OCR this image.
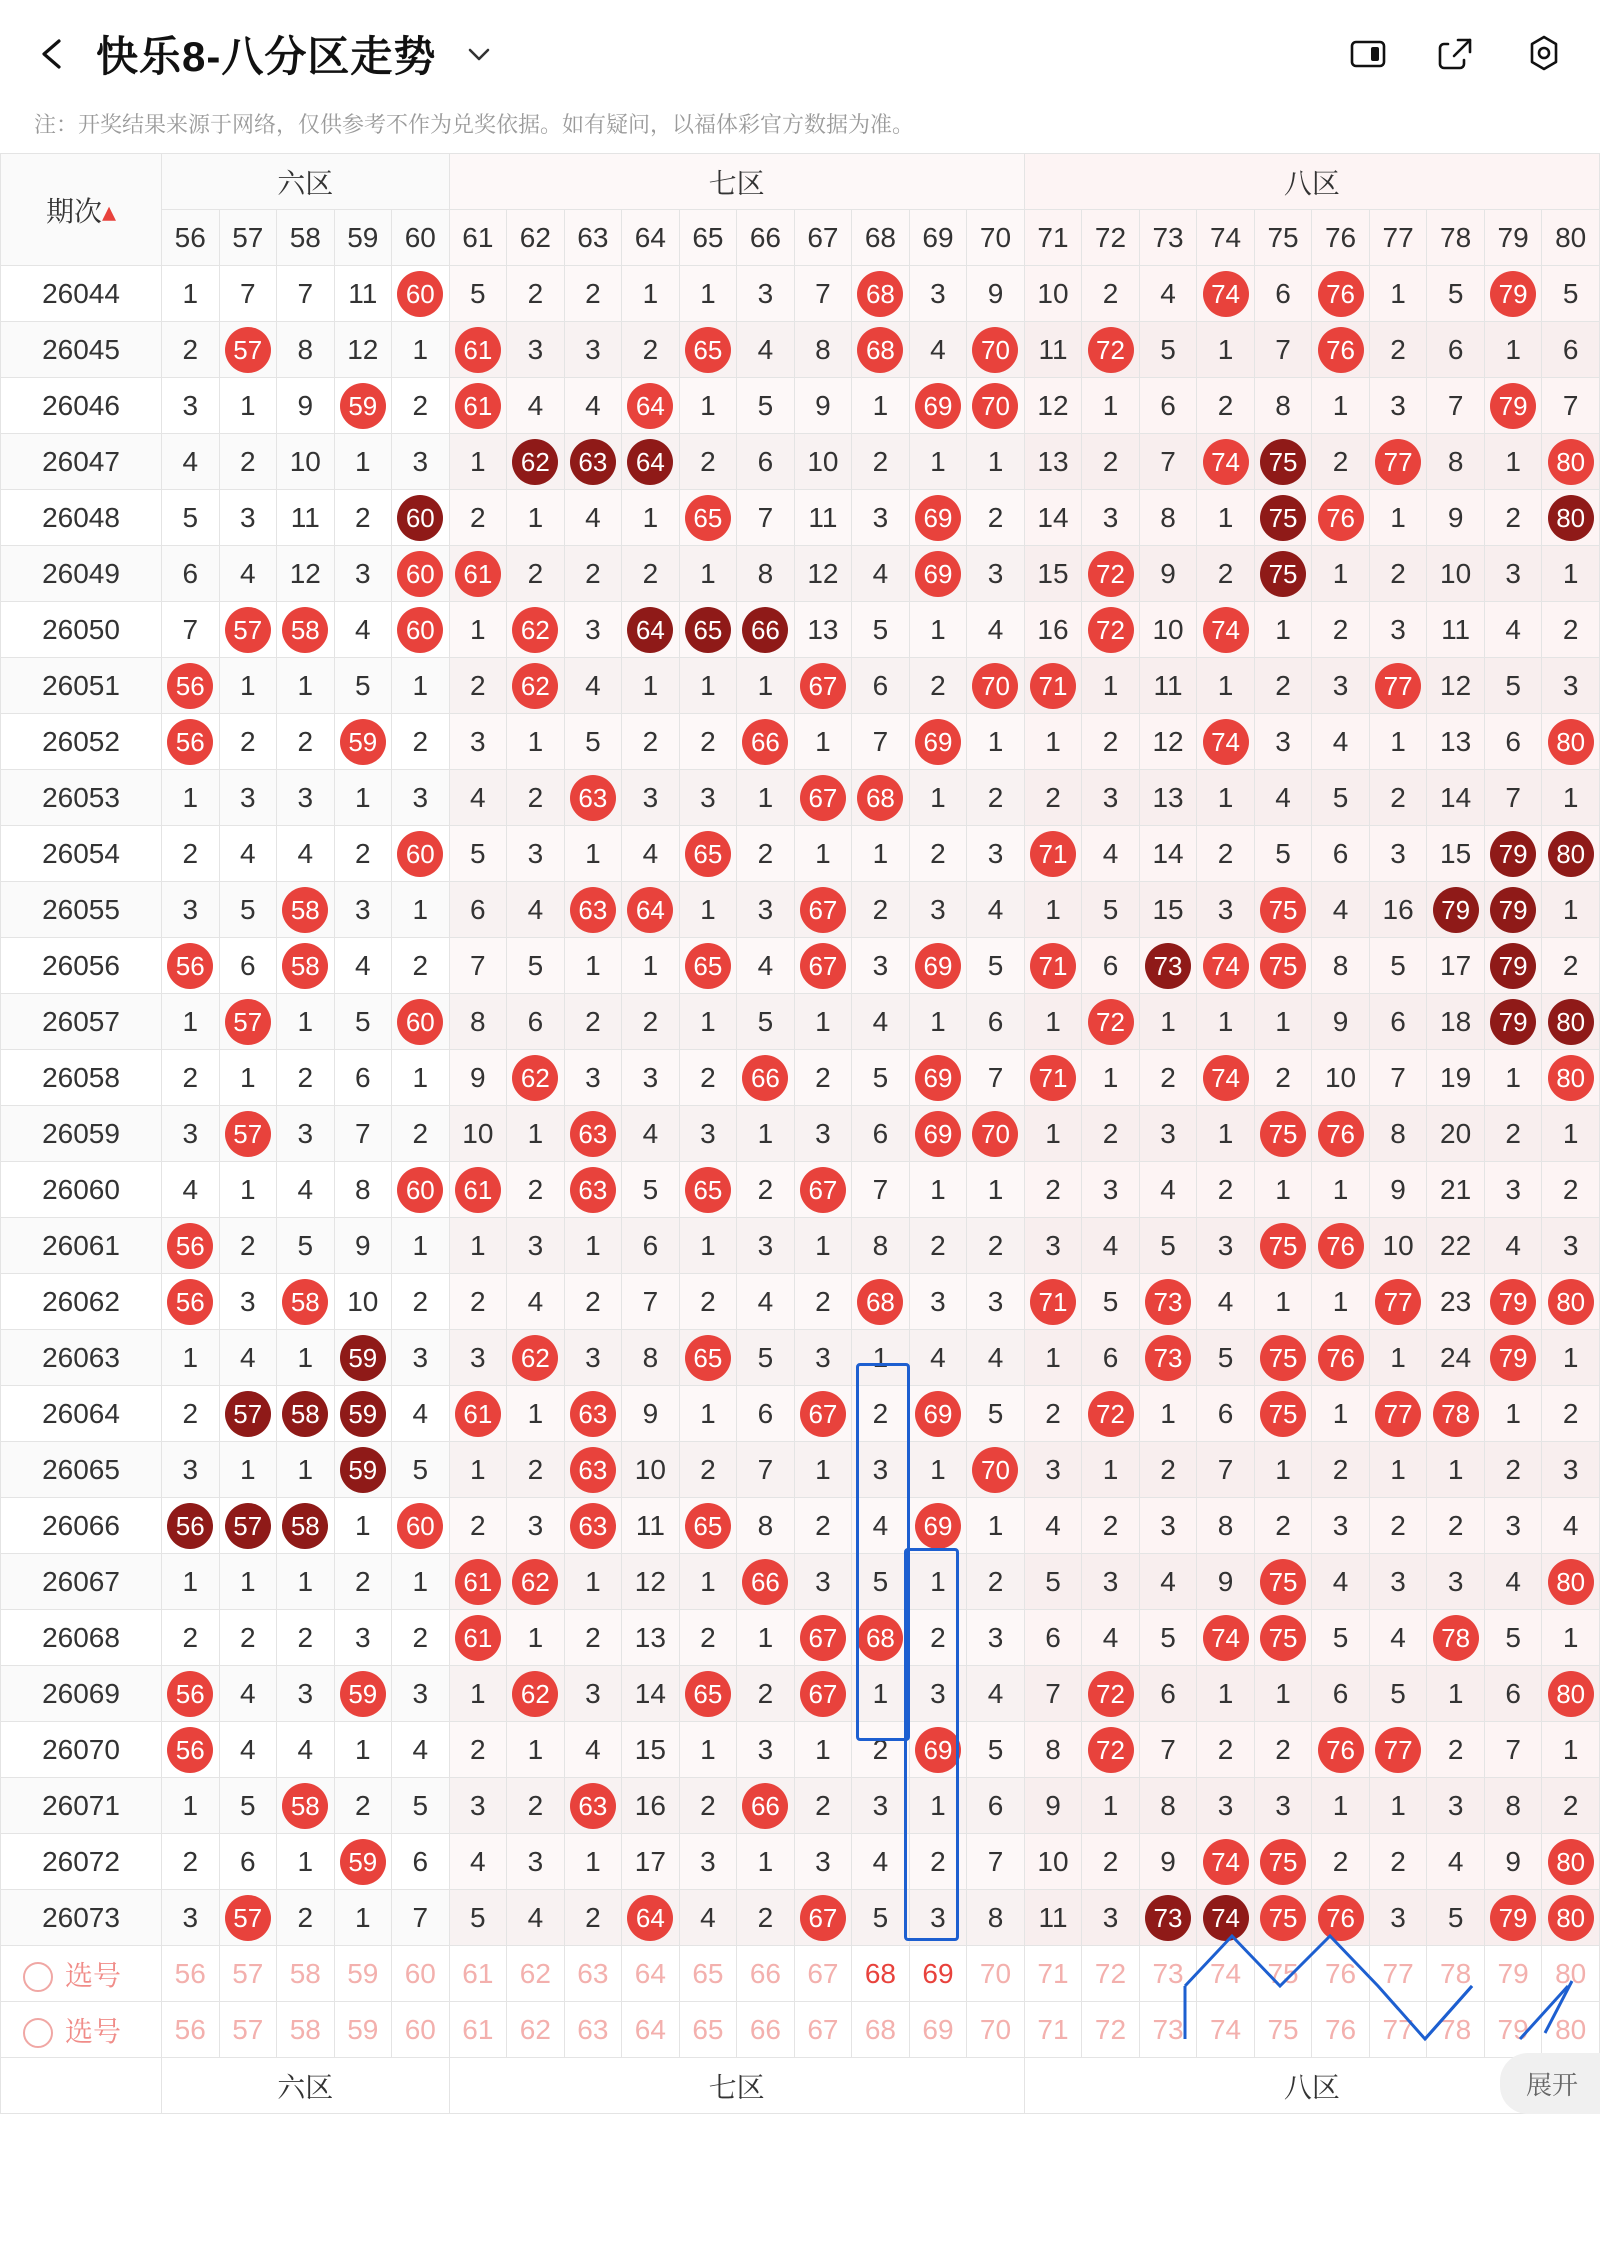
快乐8-八分区走势
注：开奖结果来源于网络，仅供参考不作为兑奖依据。如有疑问，以福体彩官方数据为准。
期次▴	六区					七区										八区									
	56	57	58	59	60	61	62	63	64	65	66	67	68	69	70	71	72	73	74	75	76	77	78	79	80
26044	1	7	7	11	60	5	2	2	1	1	3	7	68	3	9	10	2	4	74	6	76	1	5	79	5
26045	2	57	8	12	1	61	3	3	2	65	4	8	68	4	70	11	72	5	1	7	76	2	6	1	6
26046	3	1	9	59	2	61	4	4	64	1	5	9	1	69	70	12	1	6	2	8	1	3	7	79	7
26047	4	2	10	1	3	1	62	63	64	2	6	10	2	1	1	13	2	7	74	75	2	77	8	1	80
26048	5	3	11	2	60	2	1	4	1	65	7	11	3	69	2	14	3	8	1	75	76	1	9	2	80
26049	6	4	12	3	60	61	2	2	2	1	8	12	4	69	3	15	72	9	2	75	1	2	10	3	1
26050	7	57	58	4	60	1	62	3	64	65	66	13	5	1	4	16	72	10	74	1	2	3	11	4	2
26051	56	1	1	5	1	2	62	4	1	1	1	67	6	2	70	71	1	11	1	2	3	77	12	5	3
26052	56	2	2	59	2	3	1	5	2	2	66	1	7	69	1	1	2	12	74	3	4	1	13	6	80
26053	1	3	3	1	3	4	2	63	3	3	1	67	68	1	2	2	3	13	1	4	5	2	14	7	1
26054	2	4	4	2	60	5	3	1	4	65	2	1	1	2	3	71	4	14	2	5	6	3	15	79	80
26055	3	5	58	3	1	6	4	63	64	1	3	67	2	3	4	1	5	15	3	75	4	16	79	79	1
26056	56	6	58	4	2	7	5	1	1	65	4	67	3	69	5	71	6	73	74	75	8	5	17	79	2
26057	1	57	1	5	60	8	6	2	2	1	5	1	4	1	6	1	72	1	1	1	9	6	18	79	80
26058	2	1	2	6	1	9	62	3	3	2	66	2	5	69	7	71	1	2	74	2	10	7	19	1	80
26059	3	57	3	7	2	10	1	63	4	3	1	3	6	69	70	1	2	3	1	75	76	8	20	2	1
26060	4	1	4	8	60	61	2	63	5	65	2	67	7	1	1	2	3	4	2	1	1	9	21	3	2
26061	56	2	5	9	1	1	3	1	6	1	3	1	8	2	2	3	4	5	3	75	76	10	22	4	3
26062	56	3	58	10	2	2	4	2	7	2	4	2	68	3	3	71	5	73	4	1	1	77	23	79	80
26063	1	4	1	59	3	3	62	3	8	65	5	3	1	4	4	1	6	73	5	75	76	1	24	79	1
26064	2	57	58	59	4	61	1	63	9	1	6	67	2	69	5	2	72	1	6	75	1	77	78	1	2
26065	3	1	1	59	5	1	2	63	10	2	7	1	3	1	70	3	1	2	7	1	2	1	1	2	3
26066	56	57	58	1	60	2	3	63	11	65	8	2	4	69	1	4	2	3	8	2	3	2	2	3	4
26067	1	1	1	2	1	61	62	1	12	1	66	3	5	1	2	5	3	4	9	75	4	3	3	4	80
26068	2	2	2	3	2	61	1	2	13	2	1	67	68	2	3	6	4	5	74	75	5	4	78	5	1
26069	56	4	3	59	3	1	62	3	14	65	2	67	1	3	4	7	72	6	1	1	6	5	1	6	80
26070	56	4	4	1	4	2	1	4	15	1	3	1	2	69	5	8	72	7	2	2	76	77	2	7	1
26071	1	5	58	2	5	3	2	63	16	2	66	2	3	1	6	9	1	8	3	3	1	1	3	8	2
26072	2	6	1	59	6	4	3	1	17	3	1	3	4	2	7	10	2	9	74	75	2	2	4	9	80
26073	3	57	2	1	7	5	4	2	64	4	2	67	5	3	8	11	3	73	74	75	76	3	5	79	80
选号	56	57	58	59	60	61	62	63	64	65	66	67	68	69	70	71	72	73	74	75	76	77	78	79	80
选号	56	57	58	59	60	61	62	63	64	65	66	67	68	69	70	71	72	73	74	75	76	77	78	79	80
	六区					七区										八区										展开
